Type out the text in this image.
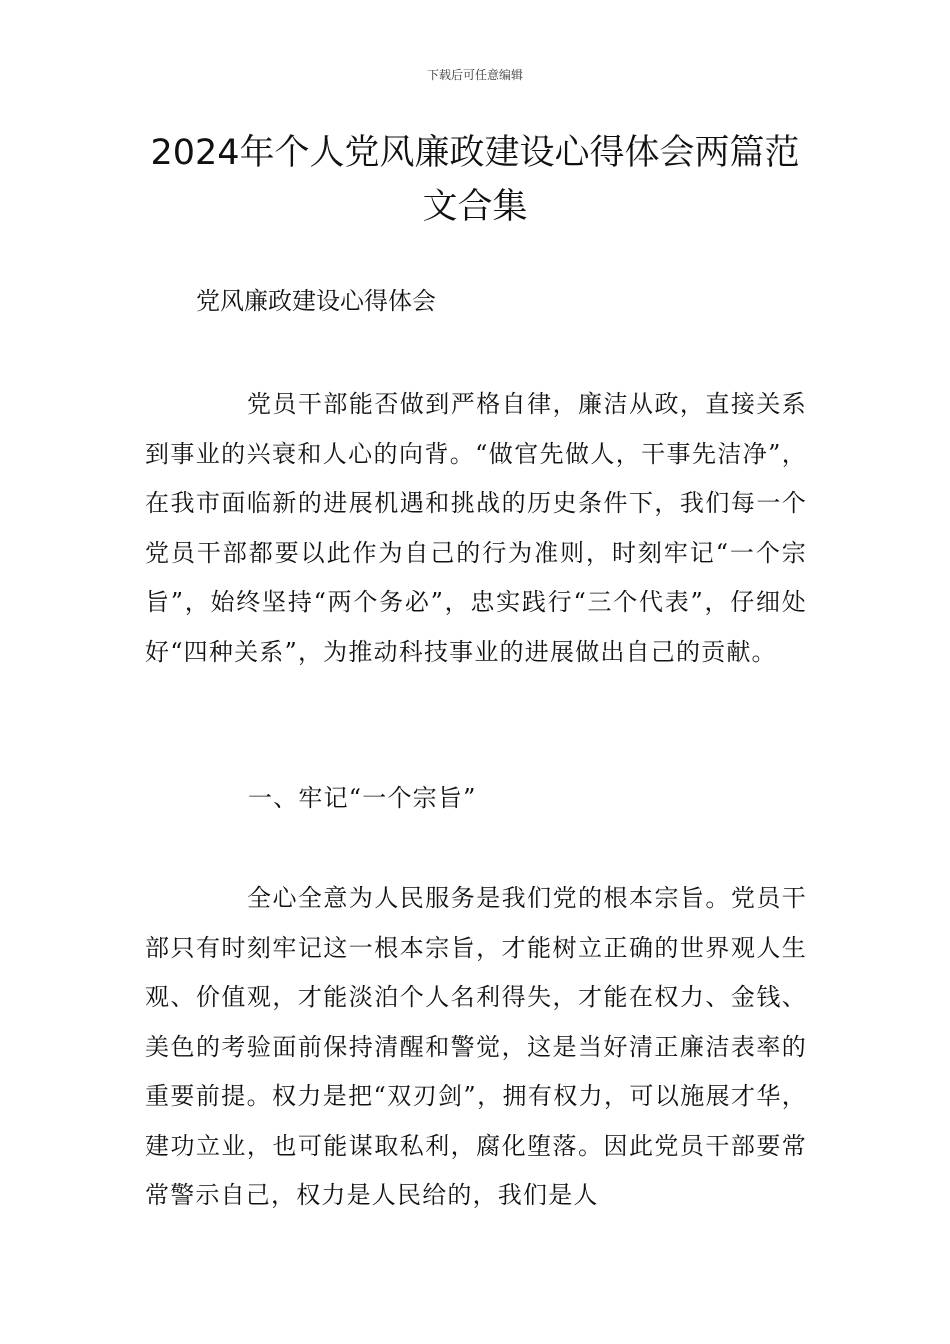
下载后可任意编辑
2024年个人党风廉政建设心得体会两篇范文合集
党风廉政建设心得体会

党员干部能否做到严格自律，廉洁从政，直接关系到事业的兴衰和人心的向背。“做官先做人，干事先洁净”，在我市面临新的进展机遇和挑战的历史条件下，我们每一个党员干部都要以此作为自己的行为准则，时刻牢记“一个宗旨”，始终坚持“两个务必”，忠实践行“三个代表”，仔细处好“四种关系”，为推动科技事业的进展做出自己的贡献。

一、牢记“一个宗旨”

全心全意为人民服务是我们党的根本宗旨。党员干部只有时刻牢记这一根本宗旨，才能树立正确的世界观人生观、价值观，才能淡泊个人名利得失，才能在权力、金钱、美色的考验面前保持清醒和警觉，这是当好清正廉洁表率的重要前提。权力是把“双刃剑”，拥有权力，可以施展才华，建功立业，也可能谋取私利，腐化堕落。因此党员干部要常常警示自己，权力是人民给的，我们是人
